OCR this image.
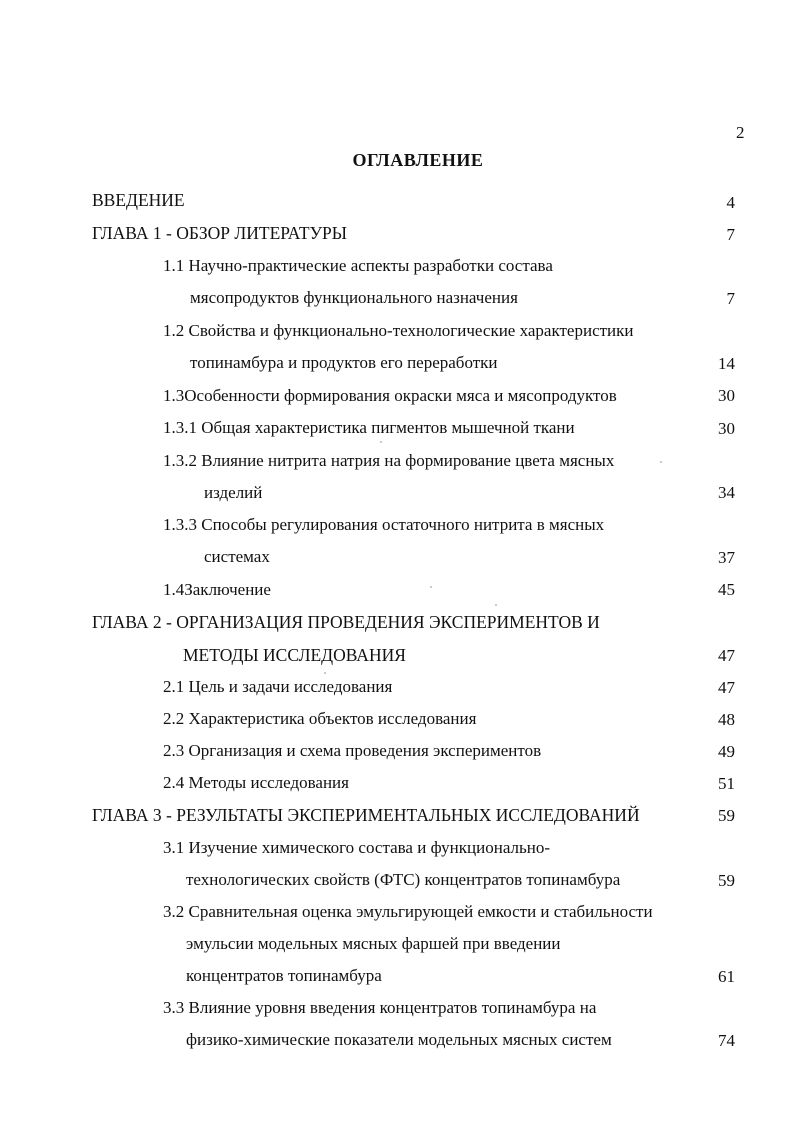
2
ОГЛАВЛЕНИЕ
ВВЕДЕНИЕ	4
ГЛАВА 1 - ОБЗОР ЛИТЕРАТУРЫ	7
1.1 Научно-практические аспекты разработки состава
мясопродуктов функционального назначения	7
1.2 Свойства и функционально-технологические характеристики
топинамбура и продуктов его переработки	14
1.3Особенности формирования окраски мяса и мясопродуктов	30
1.3.1 Общая характеристика пигментов мышечной ткани	30
1.3.2 Влияние нитрита натрия на формирование цвета мясных
изделий	34
1.3.3 Способы регулирования остаточного нитрита в мясных
системах	37
1.4Заключение	45
ГЛАВА 2 - ОРГАНИЗАЦИЯ ПРОВЕДЕНИЯ ЭКСПЕРИМЕНТОВ И
МЕТОДЫ ИССЛЕДОВАНИЯ	47
2.1 Цель и задачи исследования	47
2.2 Характеристика объектов исследования	48
2.3 Организация и схема проведения экспериментов	49
2.4 Методы исследования	51
ГЛАВА 3 - РЕЗУЛЬТАТЫ ЭКСПЕРИМЕНТАЛЬНЫХ ИССЛЕДОВАНИЙ	59
3.1 Изучение химического состава и функционально-
технологических свойств (ФТС) концентратов топинамбура	59
3.2 Сравнительная оценка эмульгирующей емкости и стабильности
эмульсии модельных мясных фаршей при введении
концентратов топинамбура	61
3.3 Влияние уровня введения концентратов топинамбура на
физико-химические показатели модельных мясных систем	74
